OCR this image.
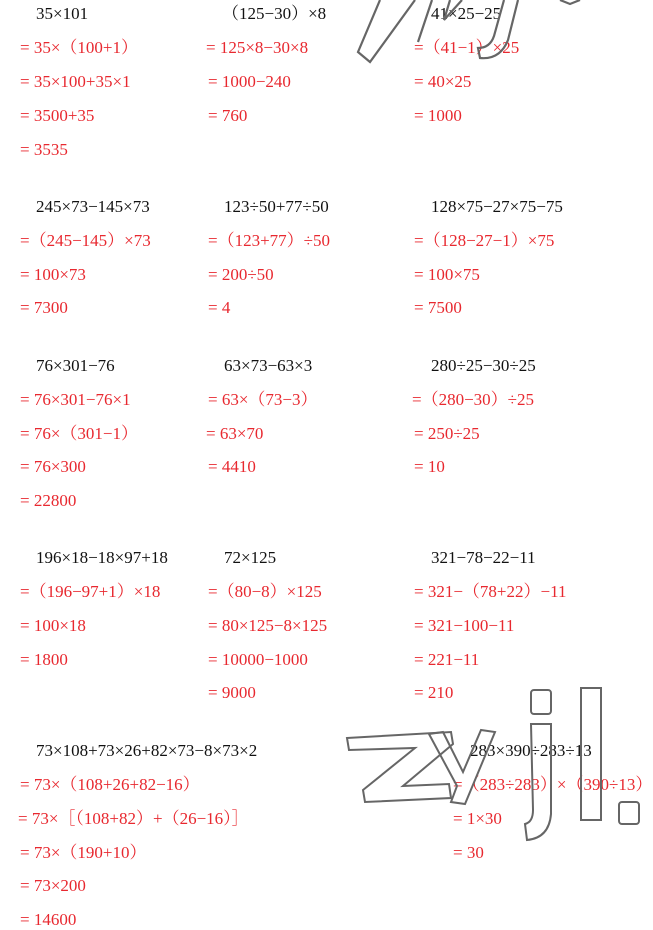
35×101
= 35×（100+1）
= 35×100+35×1
= 3500+35
= 3535
（125−30）×8
= 125×8−30×8
= 1000−240
= 760
41×25−25
=（41−1）×25
= 40×25
= 1000
245×73−145×73
=（245−145）×73
= 100×73
= 7300
123÷50+77÷50
=（123+77）÷50
= 200÷50
= 4
128×75−27×75−75
=（128−27−1）×75
= 100×75
= 7500
76×301−76
= 76×301−76×1
= 76×（301−1）
= 76×300
= 22800
63×73−63×3
= 63×（73−3）
= 63×70
= 4410
280÷25−30÷25
=（280−30）÷25
= 250÷25
= 10
196×18−18×97+18
=（196−97+1）×18
= 100×18
= 1800
72×125
=（80−8）×125
= 80×125−8×125
= 10000−1000
= 9000
321−78−22−11
= 321−（78+22）−11
= 321−100−11
= 221−11
= 210
73×108+73×26+82×73−8×73×2
= 73×（108+26+82−16）
= 73×［（108+82）+（26−16）］
= 73×（190+10）
= 73×200
= 14600
283×390÷283÷13
=（283÷283）×（390÷13）
= 1×30
= 30
